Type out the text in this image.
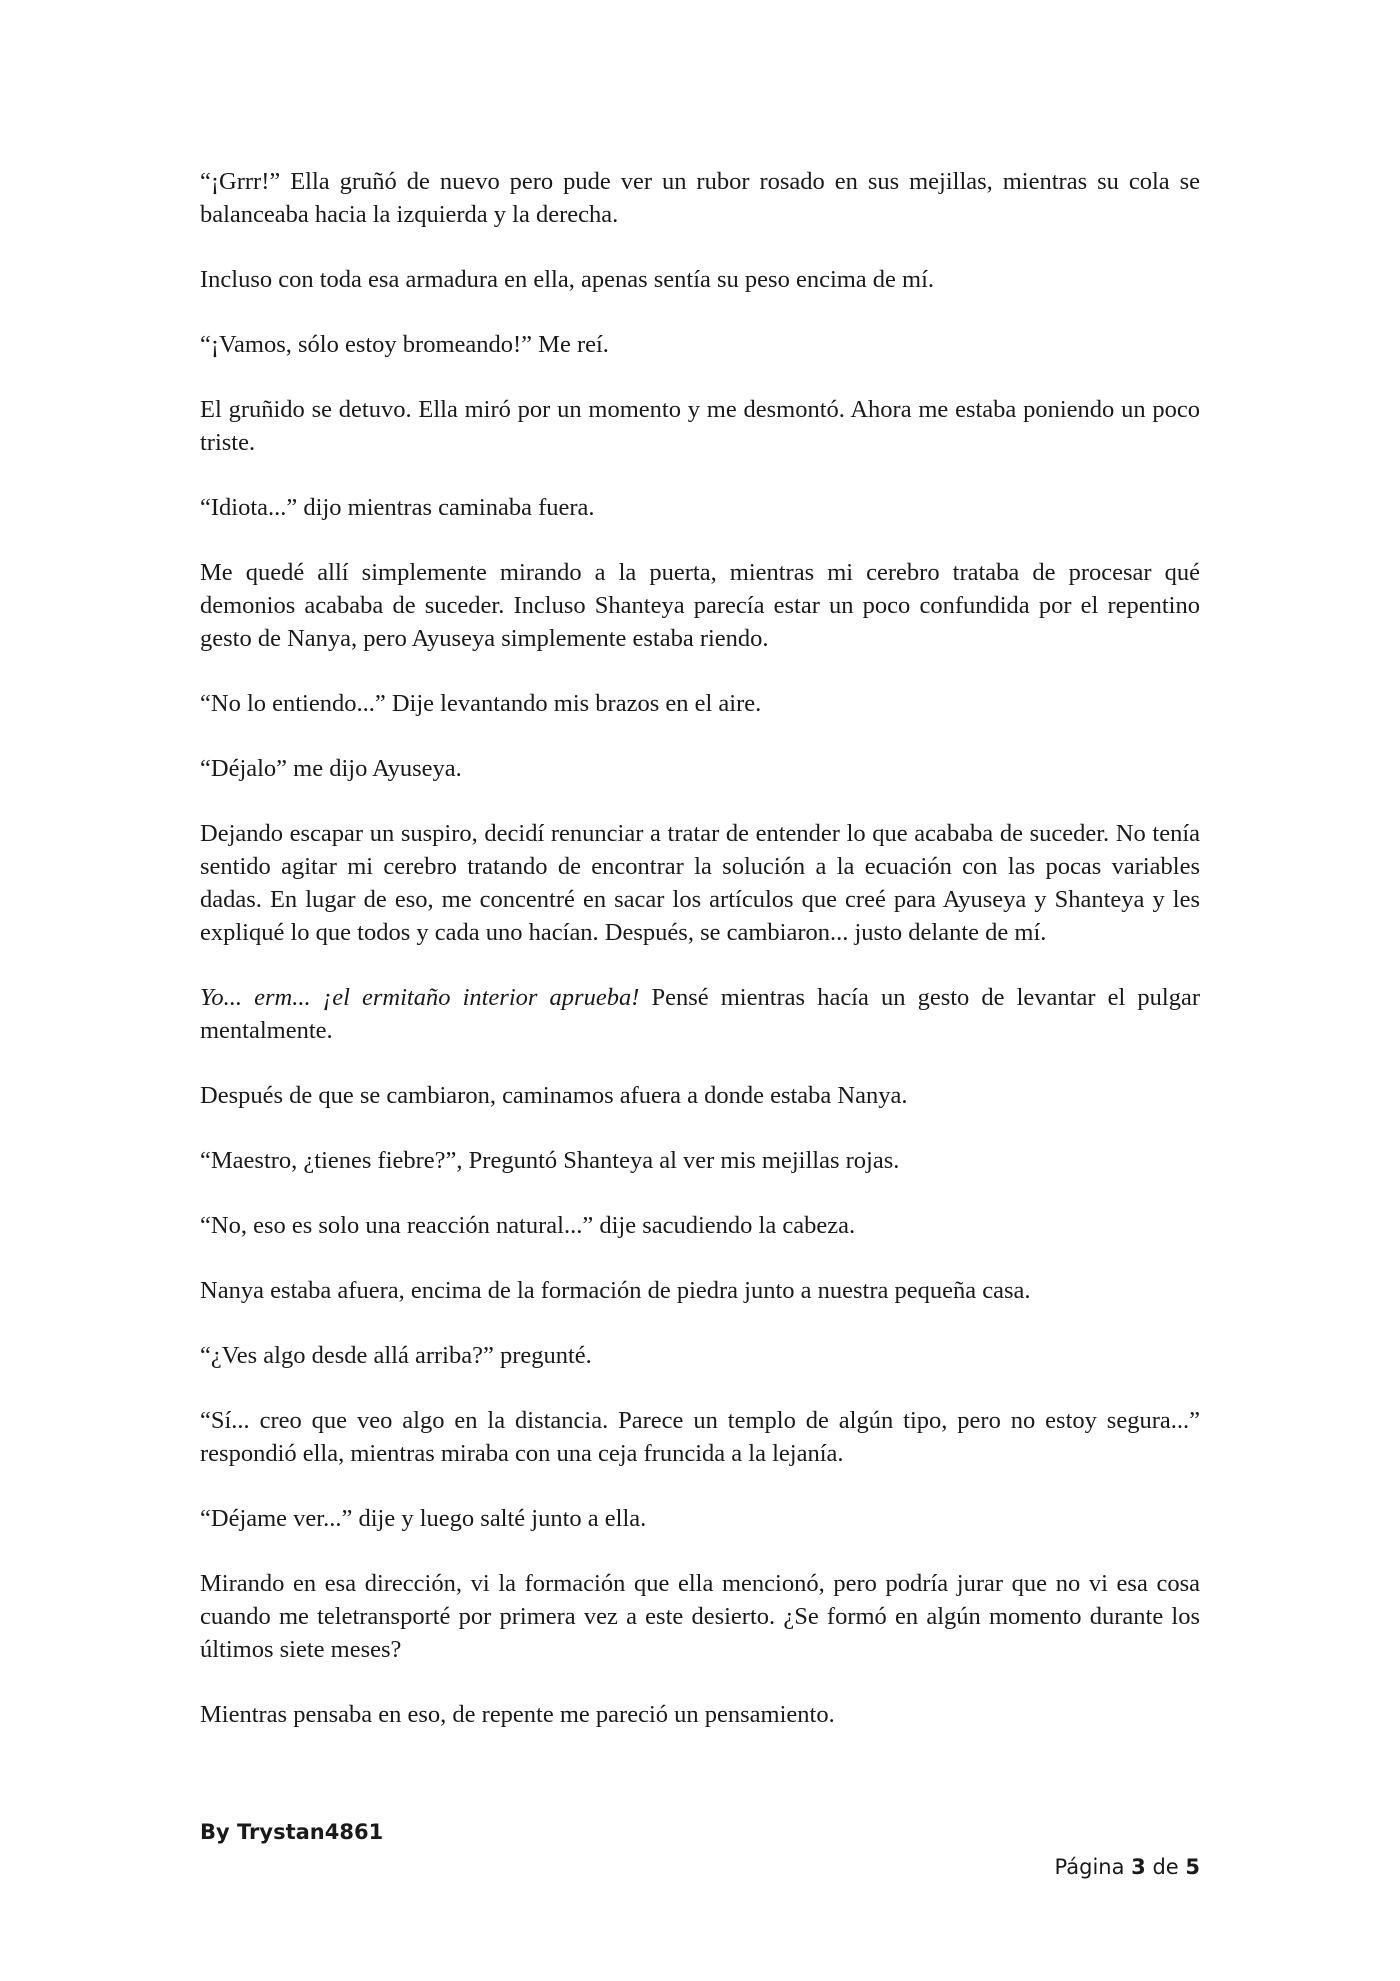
“¡Grrr!” Ella gruñó de nuevo pero pude ver un rubor rosado en sus mejillas, mientras su cola se balanceaba hacia la izquierda y la derecha.

Incluso con toda esa armadura en ella, apenas sentía su peso encima de mí.

“¡Vamos, sólo estoy bromeando!” Me reí.

El gruñido se detuvo. Ella miró por un momento y me desmontó. Ahora me estaba poniendo un poco triste.

“Idiota...” dijo mientras caminaba fuera.

Me quedé allí simplemente mirando a la puerta, mientras mi cerebro trataba de procesar qué demonios acababa de suceder. Incluso Shanteya parecía estar un poco confundida por el repentino gesto de Nanya, pero Ayuseya simplemente estaba riendo.

“No lo entiendo...” Dije levantando mis brazos en el aire.

“Déjalo” me dijo Ayuseya.

Dejando escapar un suspiro, decidí renunciar a tratar de entender lo que acababa de suceder. No tenía sentido agitar mi cerebro tratando de encontrar la solución a la ecuación con las pocas variables dadas. En lugar de eso, me concentré en sacar los artículos que creé para Ayuseya y Shanteya y les expliqué lo que todos y cada uno hacían. Después, se cambiaron... justo delante de mí.

Yo... erm... ¡el ermitaño interior aprueba! Pensé mientras hacía un gesto de levantar el pulgar mentalmente.

Después de que se cambiaron, caminamos afuera a donde estaba Nanya.

“Maestro, ¿tienes fiebre?”, Preguntó Shanteya al ver mis mejillas rojas.

“No, eso es solo una reacción natural...” dije sacudiendo la cabeza.

Nanya estaba afuera, encima de la formación de piedra junto a nuestra pequeña casa.

“¿Ves algo desde allá arriba?” pregunté.

“Sí... creo que veo algo en la distancia. Parece un templo de algún tipo, pero no estoy segura...” respondió ella, mientras miraba con una ceja fruncida a la lejanía.

“Déjame ver...” dije y luego salté junto a ella.

Mirando en esa dirección, vi la formación que ella mencionó, pero podría jurar que no vi esa cosa cuando me teletransporté por primera vez a este desierto. ¿Se formó en algún momento durante los últimos siete meses?

Mientras pensaba en eso, de repente me pareció un pensamiento.

By Trystan4861
Página 3 de 5
